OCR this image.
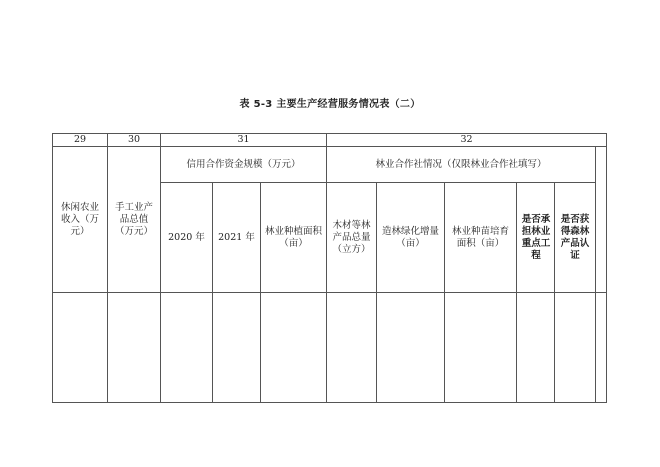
表 5-3 主要生产经营服务情况表（二）
29	30	31			32					
休闲农业收入（万元）	手工业产品总值（万元）	信用合作资金规模（万元）			林业合作社情况（仅限林业合作社填写）					
		2020 年	2021 年	林业种植面积（亩）	木材等林产品总量（立方）	造林绿化增量（亩）	林业种苗培育面积（亩）	是否承担林业重点工程	是否获得森林产品认证	
